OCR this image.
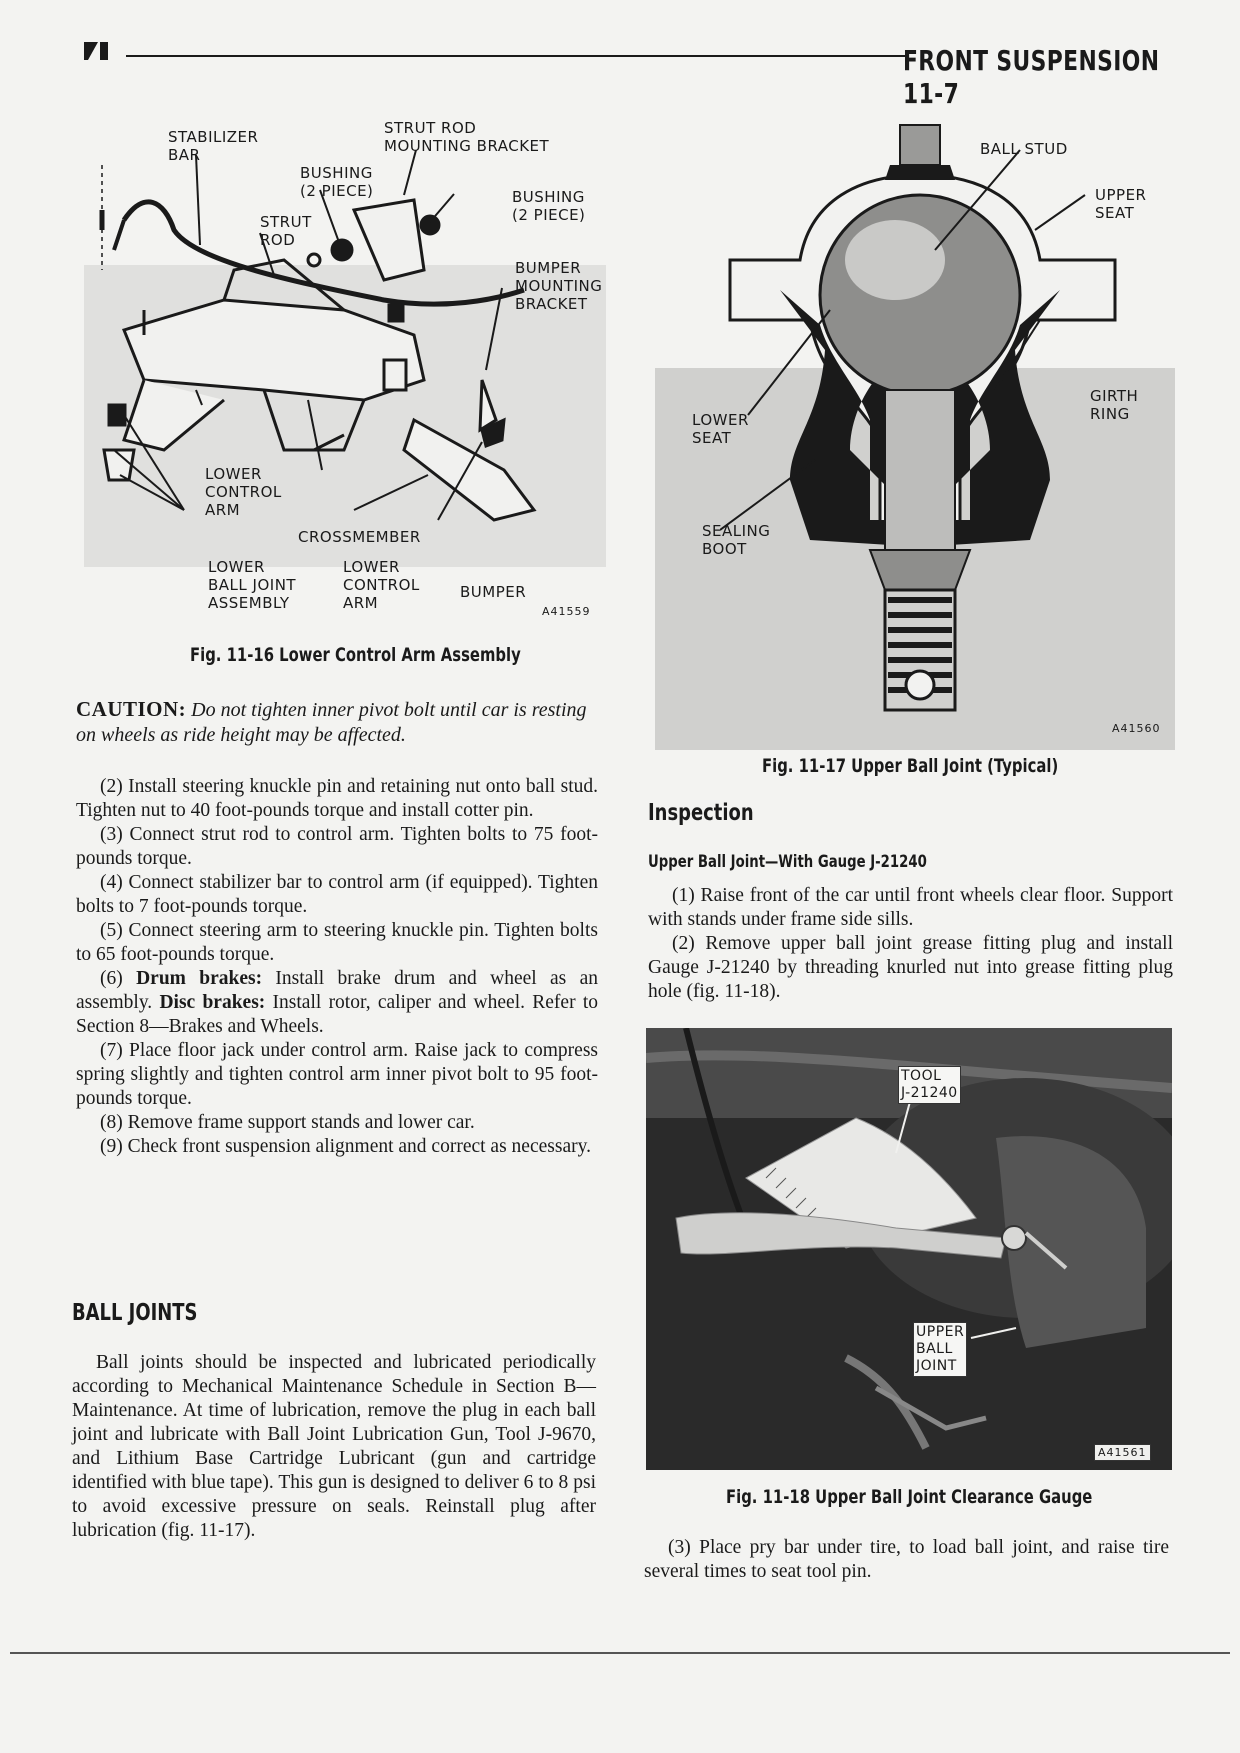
FRONT SUSPENSION 11-7
STABILIZER
BAR
STRUT ROD
MOUNTING BRACKET
BUSHING
(2 PIECE)	BUSHING
(2 PIECE)
STRUT
ROD
BUMPER
MOUNTING
BRACKET
LOWER
CONTROL
ARM
CROSSMEMBER
LOWER
BALL JOINT
ASSEMBLY
LOWER
CONTROL
ARM
BUMPER
A41559
Fig. 11-16 Lower Control Arm Assembly
CAUTION: Do not tighten inner pivot bolt until car is resting on wheels as ride height may be affected.

(2) Install steering knuckle pin and retaining nut onto ball stud. Tighten nut to 40 foot-pounds torque and install cotter pin.

(3) Connect strut rod to control arm. Tighten bolts to 75 foot-pounds torque.

(4) Connect stabilizer bar to control arm (if equipped). Tighten bolts to 7 foot-pounds torque.

(5) Connect steering arm to steering knuckle pin. Tighten bolts to 65 foot-pounds torque.

(6) Drum brakes: Install brake drum and wheel as an assembly. Disc brakes: Install rotor, caliper and wheel. Refer to Section 8—Brakes and Wheels.

(7) Place floor jack under control arm. Raise jack to compress spring slightly and tighten control arm inner pivot bolt to 95 foot-pounds torque.

(8) Remove frame support stands and lower car.

(9) Check front suspension alignment and correct as necessary.

BALL JOINTS

Ball joints should be inspected and lubricated periodically according to Mechanical Maintenance Schedule in Section B—Maintenance. At time of lubrication, remove the plug in each ball joint and lubricate with Ball Joint Lubrication Gun, Tool J-9670, and Lithium Base Cartridge Lubricant (gun and cartridge identified with blue tape). This gun is designed to deliver 6 to 8 psi to avoid excessive pressure on seals. Reinstall plug after lubrication (fig. 11-17).

BALL STUD
UPPER
SEAT
GIRTH
RING
LOWER
SEAT
SEALING
BOOT
A41560
Fig. 11-17 Upper Ball Joint (Typical)
Inspection
Upper Ball Joint—With Gauge J-21240

(1) Raise front of the car until front wheels clear floor. Support with stands under frame side sills.

(2) Remove upper ball joint grease fitting plug and install Gauge J-21240 by threading knurled nut into grease fitting plug hole (fig. 11-18).

TOOL
J-21240
UPPER
BALL
JOINT
A41561
Fig. 11-18 Upper Ball Joint Clearance Gauge

(3) Place pry bar under tire, to load ball joint, and raise tire several times to seat tool pin.
